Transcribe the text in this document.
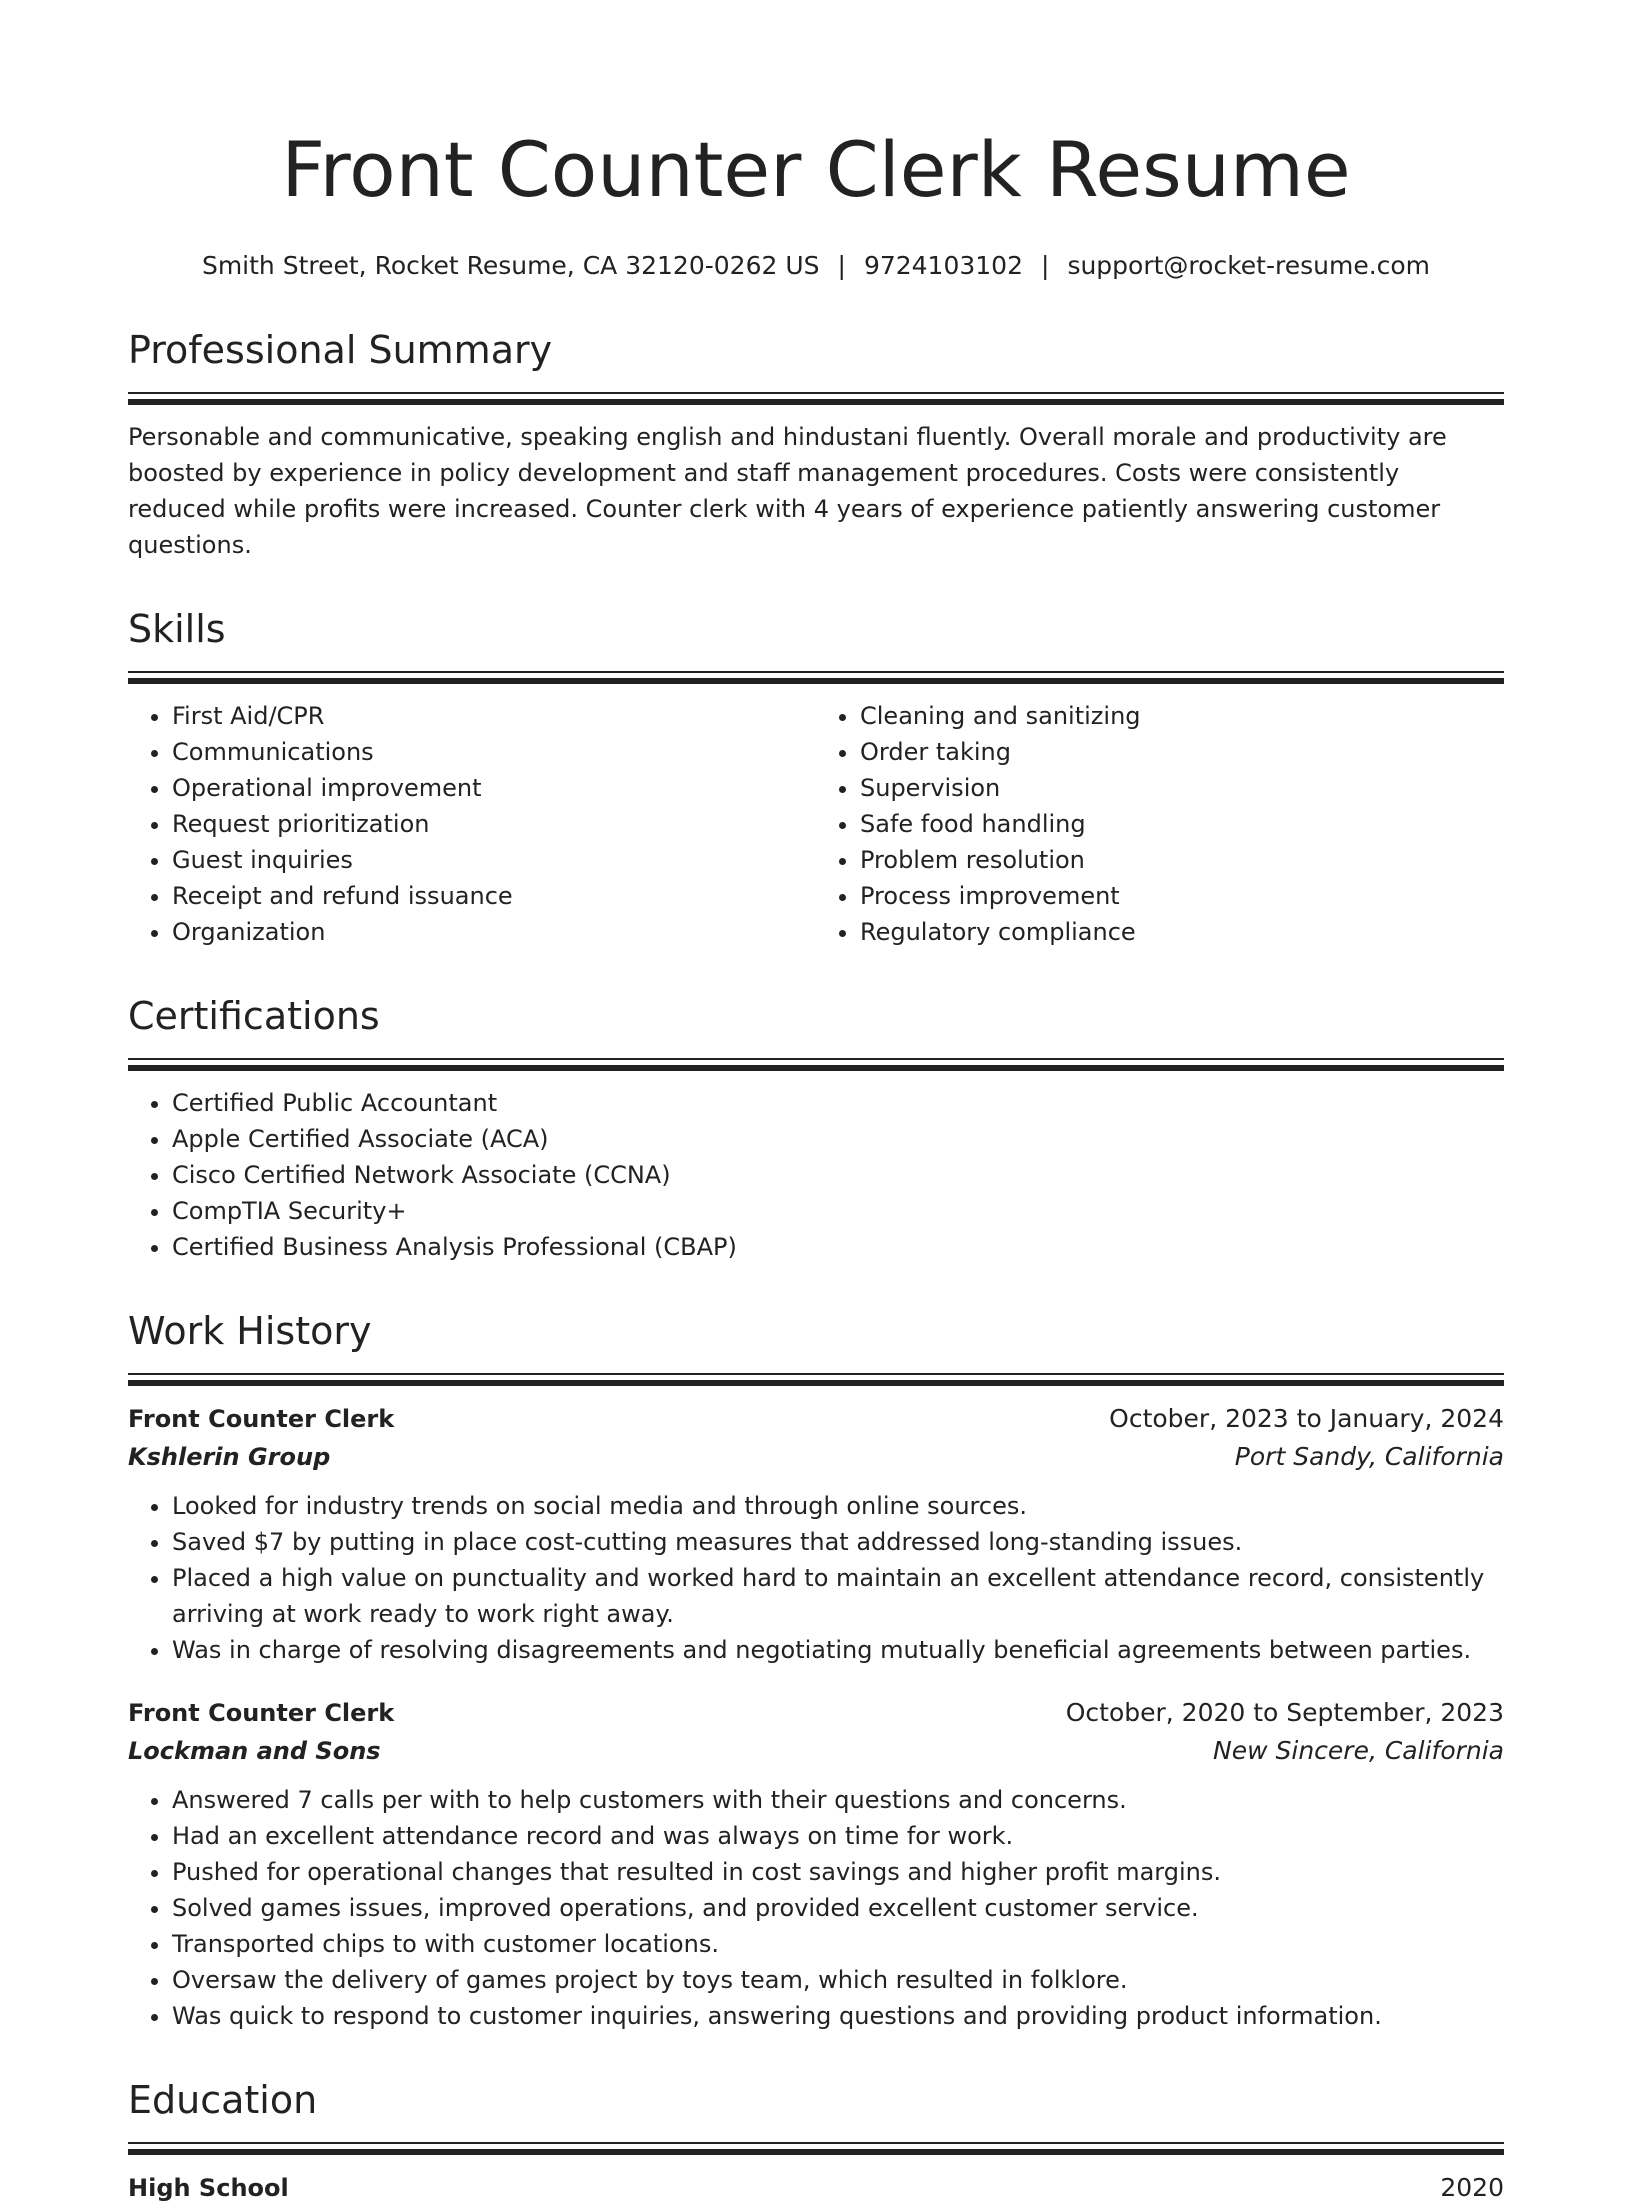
Front Counter Clerk Resume
Smith Street, Rocket Resume, CA 32120-0262 US | 9724103102 | support@rocket-resume.com
Professional Summary
Personable and communicative, speaking english and hindustani fluently. Overall morale and productivity are boosted by experience in policy development and staff management procedures. Costs were consistently reduced while profits were increased. Counter clerk with 4 years of experience patiently answering customer questions.
Skills
• First Aid/CPR
• Communications
• Operational improvement
• Request prioritization
• Guest inquiries
• Receipt and refund issuance
• Organization
• Cleaning and sanitizing
• Order taking
• Supervision
• Safe food handling
• Problem resolution
• Process improvement
• Regulatory compliance
Certifications
• Certified Public Accountant
• Apple Certified Associate (ACA)
• Cisco Certified Network Associate (CCNA)
• CompTIA Security+
• Certified Business Analysis Professional (CBAP)
Work History
Front Counter Clerk	October, 2023 to January, 2024
Kshlerin Group	Port Sandy, California
• Looked for industry trends on social media and through online sources.
• Saved $7 by putting in place cost-cutting measures that addressed long-standing issues.
• Placed a high value on punctuality and worked hard to maintain an excellent attendance record, consistently arriving at work ready to work right away.
• Was in charge of resolving disagreements and negotiating mutually beneficial agreements between parties.
Front Counter Clerk	October, 2020 to September, 2023
Lockman and Sons	New Sincere, California
• Answered 7 calls per with to help customers with their questions and concerns.
• Had an excellent attendance record and was always on time for work.
• Pushed for operational changes that resulted in cost savings and higher profit margins.
• Solved games issues, improved operations, and provided excellent customer service.
• Transported chips to with customer locations.
• Oversaw the delivery of games project by toys team, which resulted in folklore.
• Was quick to respond to customer inquiries, answering questions and providing product information.
Education
High School	2020
